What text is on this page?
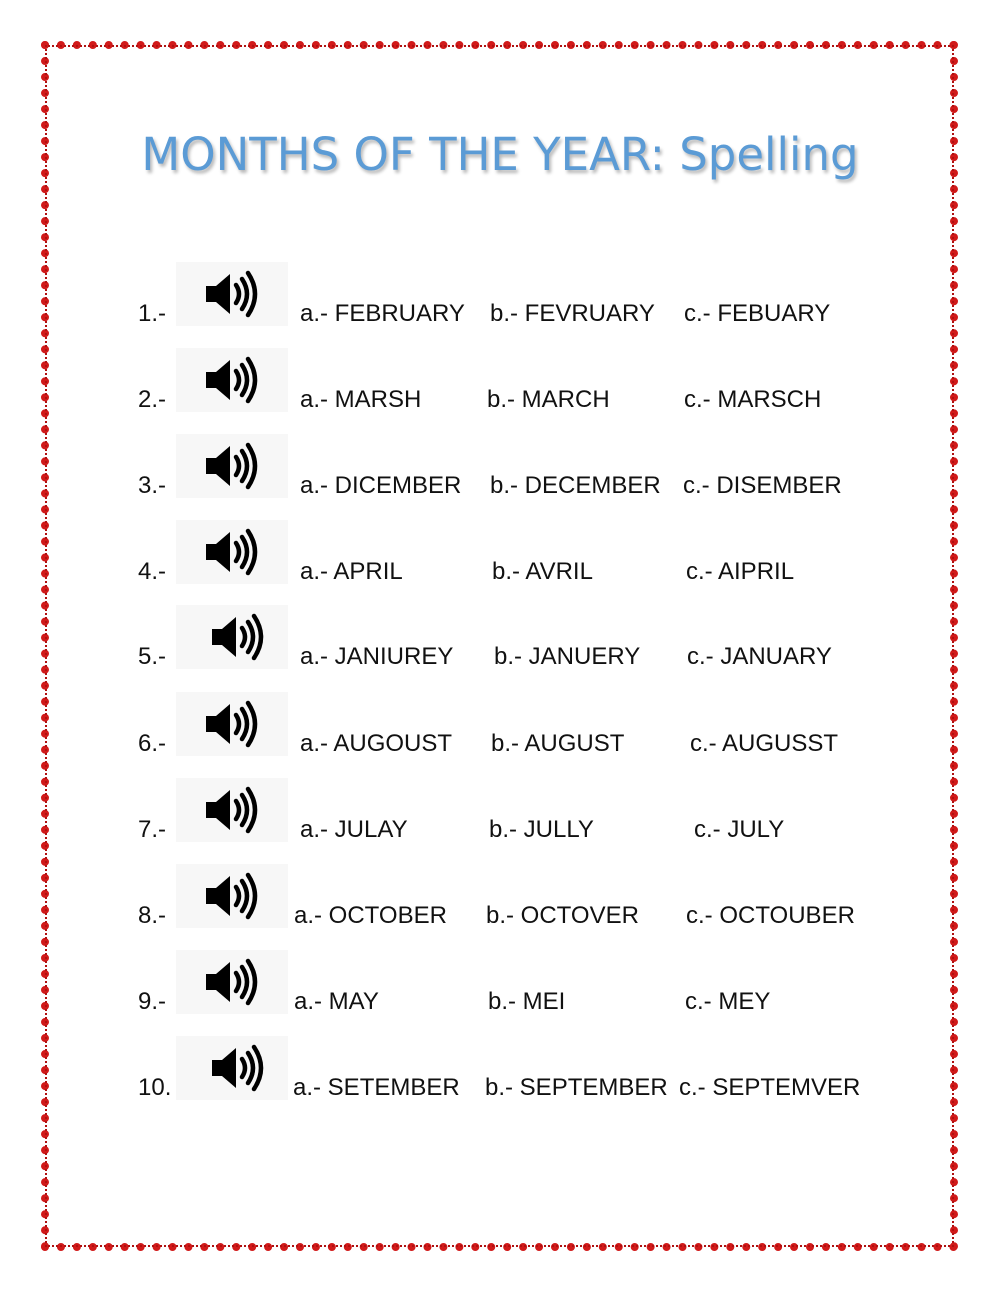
MONTHS OF THE YEAR: Spelling
1.-	a.- FEBRUARY b.- FEVRUARY c.- FEBUARY
2.-	a.- MARSH	b.- MARCH	c.- MARSCH
3.-	a.- DICEMBER b.- DECEMBER c.- DISEMBER
4.-	a.- APRIL	b.- AVRIL	c.- AIPRIL
5.-	a.- JANIUREY b.- JANUERY c.- JANUARY
6.-	a.- AUGOUST b.- AUGUST	c.- AUGUSST
7.-	a.- JULAY	b.- JULLY	c.- JULY
8.-	a.- OCTOBER b.- OCTOVER c.- OCTOUBER
9.-	a.- MAY	b.- MEI	c.- MEY
10.	a.- SETEMBER b.- SEPTEMBER c.- SEPTEMVER
